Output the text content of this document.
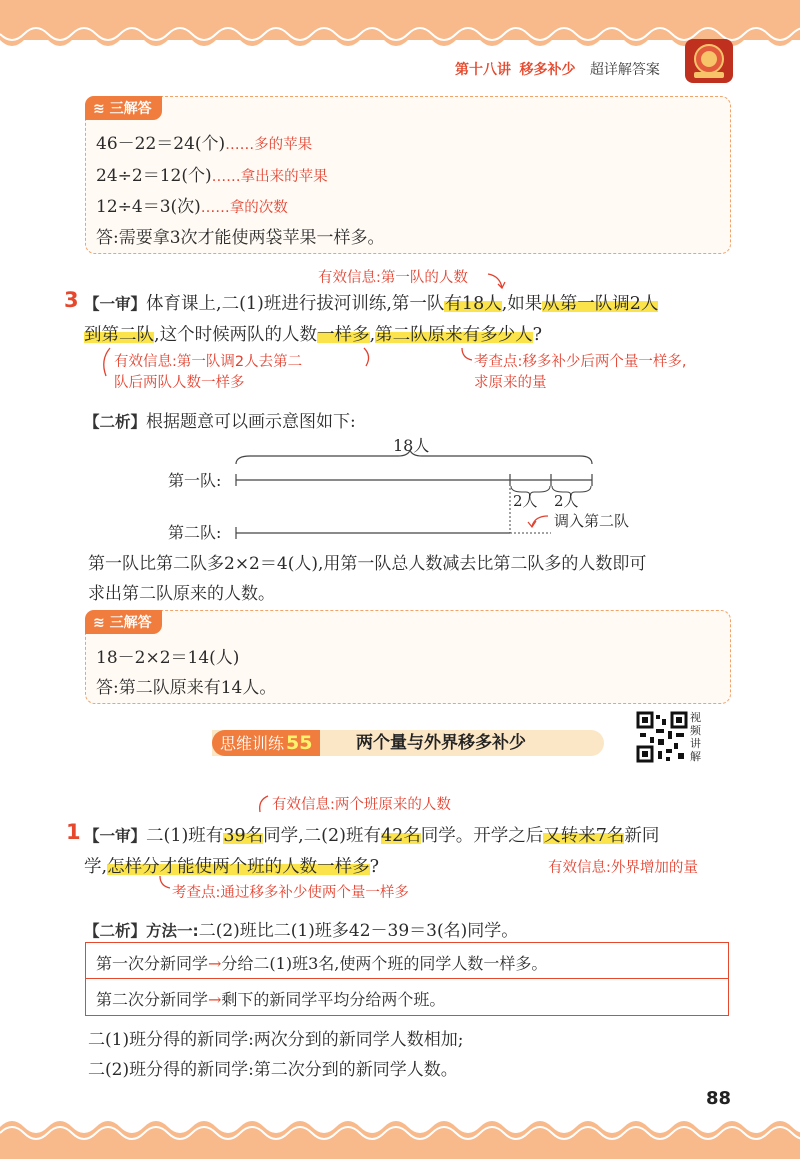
第十八讲 移多补少 超详解答案
≋ 三解答
46－22＝24(个)……多的苹果
24÷2＝12(个)……拿出来的苹果
12÷4＝3(次)……拿的次数
答:需要拿3次才能使两袋苹果一样多。
有效信息:第一队的人数
3 【一审】体育课上,二(1)班进行拔河训练,第一队有18人,如果从第一队调2人
到第二队,这个时候两队的人数一样多,第二队原来有多少人?
有效信息:第一队调2人去第二
队后两队人数一样多
考查点:移多补少后两个量一样多,
求原来的量
【二析】根据题意可以画示意图如下:
18人
第一队:
第二队:
2人 2人
调入第二队
第一队比第二队多2×2＝4(人),用第一队总人数减去比第二队多的人数即可
求出第二队原来的人数。
≋ 三解答
18－2×2＝14(人)
答:第二队原来有14人。
思维训练 55	两个量与外界移多补少
视
频
讲
解
有效信息:两个班原来的人数
1 【一审】二(1)班有39名同学,二(2)班有42名同学。开学之后又转来7名新同
学,怎样分才能使两个班的人数一样多?	有效信息:外界增加的量
考查点:通过移多补少使两个量一样多
【二析】方法一:二(2)班比二(1)班多42－39＝3(名)同学。
第一次分新同学→分给二(1)班3名,使两个班的同学人数一样多。
第二次分新同学→剩下的新同学平均分给两个班。
二(1)班分得的新同学:两次分到的新同学人数相加;
二(2)班分得的新同学:第二次分到的新同学人数。
88
